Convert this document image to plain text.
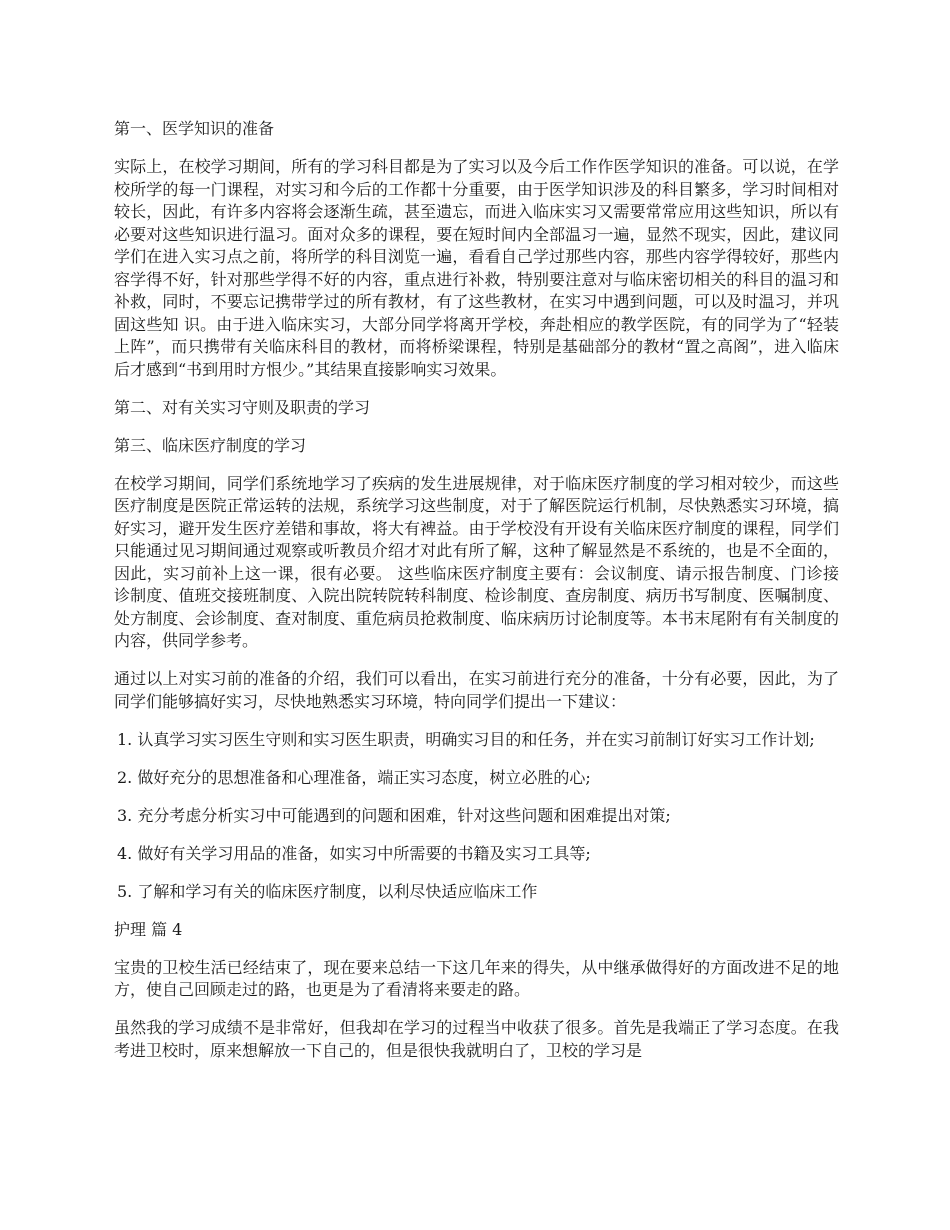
第一、医学知识的准备

实际上，在校学习期间，所有的学习科目都是为了实习以及今后工作作医学知识的准备。可以说，在学校所学的每一门课程，对实习和今后的工作都十分重要，由于医学知识涉及的科目繁多，学习时间相对较长，因此，有许多内容将会逐渐生疏，甚至遗忘，而进入临床实习又需要常常应用这些知识，所以有必要对这些知识进行温习。面对众多的课程，要在短时间内全部温习一遍，显然不现实，因此，建议同学们在进入实习点之前，将所学的科目浏览一遍，看看自己学过那些内容，那些内容学得较好，那些内容学得不好，针对那些学得不好的内容，重点进行补救，特别要注意对与临床密切相关的科目的温习和补救，同时，不要忘记携带学过的所有教材，有了这些教材，在实习中遇到问题，可以及时温习，并巩固这些知 识。由于进入临床实习，大部分同学将离开学校，奔赴相应的教学医院，有的同学为了“轻装上阵”，而只携带有关临床科目的教材，而将桥梁课程，特别是基础部分的教材“置之高阁”，进入临床后才感到“书到用时方恨少。”其结果直接影响实习效果。

第二、对有关实习守则及职责的学习

第三、临床医疗制度的学习

在校学习期间，同学们系统地学习了疾病的发生进展规律，对于临床医疗制度的学习相对较少，而这些医疗制度是医院正常运转的法规，系统学习这些制度，对于了解医院运行机制，尽快熟悉实习环境，搞好实习，避开发生医疗差错和事故，将大有裨益。由于学校没有开设有关临床医疗制度的课程，同学们只能通过见习期间通过观察或听教员介绍才对此有所了解，这种了解显然是不系统的，也是不全面的，因此，实习前补上这一课，很有必要。 这些临床医疗制度主要有：会议制度、请示报告制度、门诊接诊制度、值班交接班制度、入院出院转院转科制度、检诊制度、查房制度、病历书写制度、医嘱制度、处方制度、会诊制度、查对制度、重危病员抢救制度、临床病历讨论制度等。本书末尾附有有关制度的内容，供同学参考。

通过以上对实习前的准备的介绍，我们可以看出，在实习前进行充分的准备，十分有必要，因此，为了同学们能够搞好实习，尽快地熟悉实习环境，特向同学们提出一下建议：

1. 认真学习实习医生守则和实习医生职责，明确实习目的和任务，并在实习前制订好实习工作计划;

2. 做好充分的思想准备和心理准备，端正实习态度，树立必胜的心;

3. 充分考虑分析实习中可能遇到的问题和困难，针对这些问题和困难提出对策;

4. 做好有关学习用品的准备，如实习中所需要的书籍及实习工具等;

5. 了解和学习有关的临床医疗制度，以利尽快适应临床工作

护理 篇 4

宝贵的卫校生活已经结束了，现在要来总结一下这几年来的得失，从中继承做得好的方面改进不足的地方，使自己回顾走过的路，也更是为了看清将来要走的路。

虽然我的学习成绩不是非常好，但我却在学习的过程当中收获了很多。首先是我端正了学习态度。在我考进卫校时，原来想解放一下自己的，但是很快我就明白了，卫校的学习是
